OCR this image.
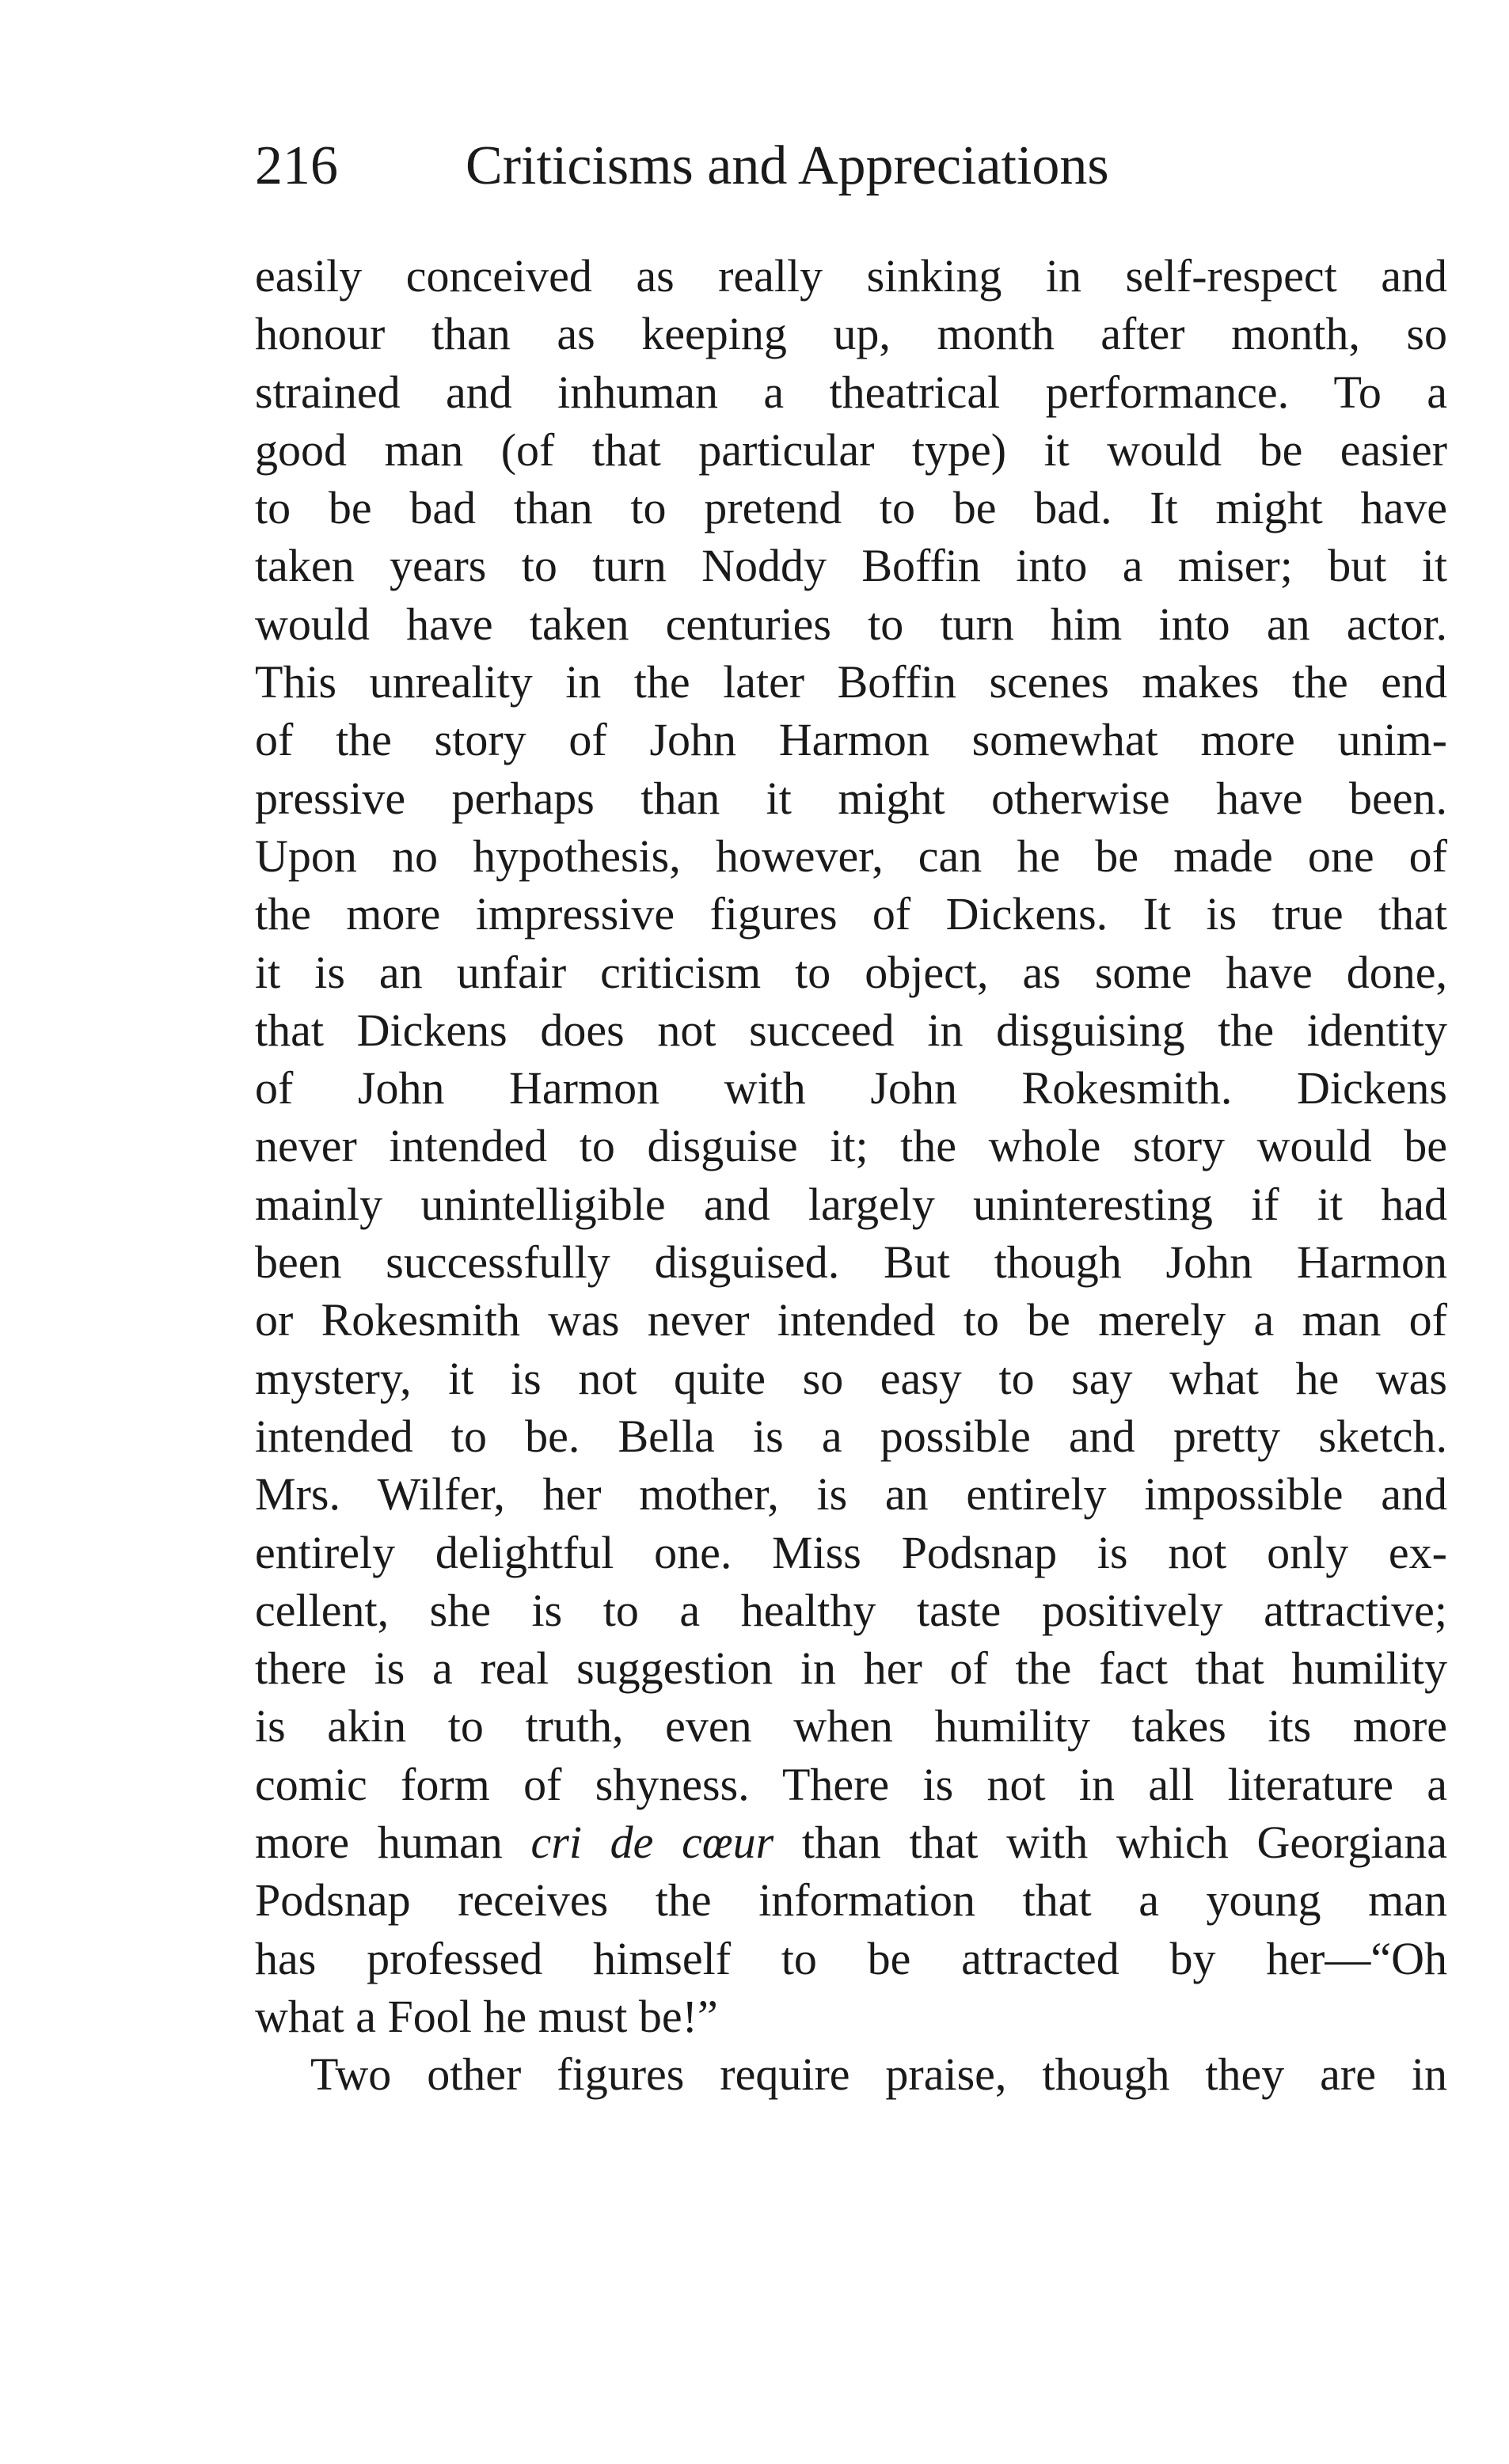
216 Criticisms and Appreciations
easily conceived as really sinking in self-respect and
honour than as keeping up, month after month, so
strained and inhuman a theatrical performance. To a
good man (of that particular type) it would be easier
to be bad than to pretend to be bad. It might have
taken years to turn Noddy Boffin into a miser; but it
would have taken centuries to turn him into an actor.
This unreality in the later Boffin scenes makes the end
of the story of John Harmon somewhat more unim-
pressive perhaps than it might otherwise have been.
Upon no hypothesis, however, can he be made one of
the more impressive figures of Dickens. It is true that
it is an unfair criticism to object, as some have done,
that Dickens does not succeed in disguising the identity
of John Harmon with John Rokesmith. Dickens
never intended to disguise it; the whole story would be
mainly unintelligible and largely uninteresting if it had
been successfully disguised. But though John Harmon
or Rokesmith was never intended to be merely a man of
mystery, it is not quite so easy to say what he was
intended to be. Bella is a possible and pretty sketch.
Mrs. Wilfer, her mother, is an entirely impossible and
entirely delightful one. Miss Podsnap is not only ex-
cellent, she is to a healthy taste positively attractive;
there is a real suggestion in her of the fact that humility
is akin to truth, even when humility takes its more
comic form of shyness. There is not in all literature a
more human cri de cœur than that with which Georgiana
Podsnap receives the information that a young man
has professed himself to be attracted by her—“Oh
what a Fool he must be!”
Two other figures require praise, though they are in
